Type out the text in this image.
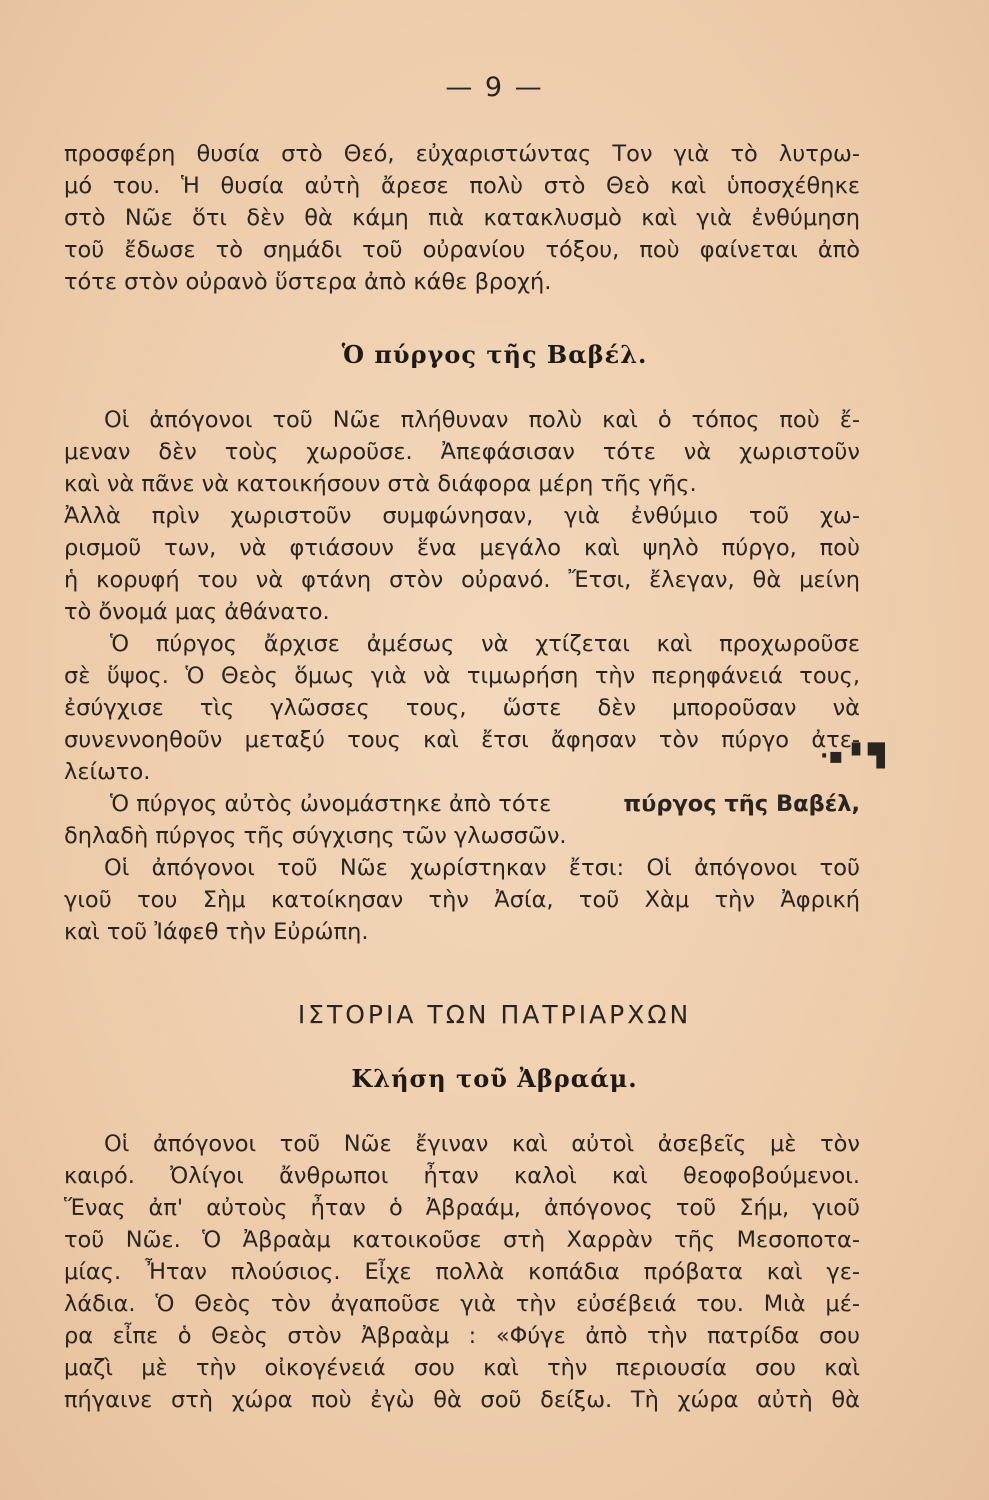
— 9 —
προσφέρη θυσία στὸ Θεό, εὐχαριστώντας Τον γιὰ τὸ λυτρω-
μό του. Ἡ θυσία αὐτὴ ἄρεσε πολὺ στὸ Θεὸ καὶ ὑποσχέθηκε
στὸ Νῶε ὅτι δὲν θὰ κάμη πιὰ κατακλυσμὸ καὶ γιὰ ἐνθύμηση
τοῦ ἔδωσε τὸ σημάδι τοῦ οὐρανίου τόξου, ποὺ φαίνεται ἀπὸ
τότε στὸν οὐρανὸ ὕστερα ἀπὸ κάθε βροχή.
Ὁ πύργος τῆς Βαβέλ.
Οἱ ἀπόγονοι τοῦ Νῶε πλήθυναν πολὺ καὶ ὁ τόπος ποὺ ἔ-
μεναν δὲν τοὺς χωροῦσε. Ἀπεφάσισαν τότε νὰ χωριστοῦν
καὶ νὰ πᾶνε νὰ κατοικήσουν στὰ διάφορα μέρη τῆς γῆς.
Ἀλλὰ πρὶν χωριστοῦν συμφώνησαν, γιὰ ἐνθύμιο τοῦ χω-
ρισμοῦ των, νὰ φτιάσουν ἕνα μεγάλο καὶ ψηλὸ πύργο, ποὺ
ἡ κορυφή του νὰ φτάνη στὸν οὐρανό. Ἔτσι, ἔλεγαν, θὰ μείνη
τὸ ὄνομά μας ἀθάνατο.
Ὁ πύργος ἄρχισε ἀμέσως νὰ χτίζεται καὶ προχωροῦσε
σὲ ὕψος. Ὁ Θεὸς ὅμως γιὰ νὰ τιμωρήση τὴν περηφάνειά τους,
ἐσύγχισε τὶς γλῶσσες τους, ὥστε δὲν μποροῦσαν νὰ
συνεννοηθοῦν μεταξύ τους καὶ ἔτσι ἄφησαν τὸν πύργο ἀτε-
λείωτο.
·▪︎▝ ▜
Ὁ πύργος αὐτὸς ὠνομάστηκε ἀπὸ τότε	πύργος τῆς Βαβέλ,
δηλαδὴ πύργος τῆς σύγχισης τῶν γλωσσῶν.
Οἱ ἀπόγονοι τοῦ Νῶε χωρίστηκαν ἔτσι: Οἱ ἀπόγονοι τοῦ
γιοῦ του Σὴμ κατοίκησαν τὴν Ἀσία, τοῦ Χὰμ τὴν Ἀφρική
καὶ τοῦ Ἰάφεθ τὴν Εὐρώπη.
ΙΣΤΟΡΙΑ ΤΩΝ ΠΑΤΡΙΑΡΧΩΝ
Κλήση τοῦ Ἀβραάμ.
Οἱ ἀπόγονοι τοῦ Νῶε ἔγιναν καὶ αὐτοὶ ἀσεβεῖς μὲ τὸν
καιρό. Ὀλίγοι ἄνθρωποι ἦταν καλοὶ καὶ θεοφοβούμενοι.
Ἕνας ἀπ' αὐτοὺς ἦταν ὁ Ἀβραάμ, ἀπόγονος τοῦ Σήμ, γιοῦ
τοῦ Νῶε. Ὁ Ἀβραὰμ κατοικοῦσε στὴ Χαρρὰν τῆς Μεσοποτα-
μίας. Ἦταν πλούσιος. Εἶχε πολλὰ κοπάδια πρόβατα καὶ γε-
λάδια. Ὁ Θεὸς τὸν ἀγαποῦσε γιὰ τὴν εὐσέβειά του. Μιὰ μέ-
ρα εἶπε ὁ Θεὸς στὸν Ἀβραὰμ : «Φύγε ἀπὸ τὴν πατρίδα σου
μαζὶ μὲ τὴν οἰκογένειά σου καὶ τὴν περιουσία σου καὶ
πήγαινε στὴ χώρα ποὺ ἐγὼ θὰ σοῦ δείξω. Τὴ χώρα αὐτὴ θὰ
